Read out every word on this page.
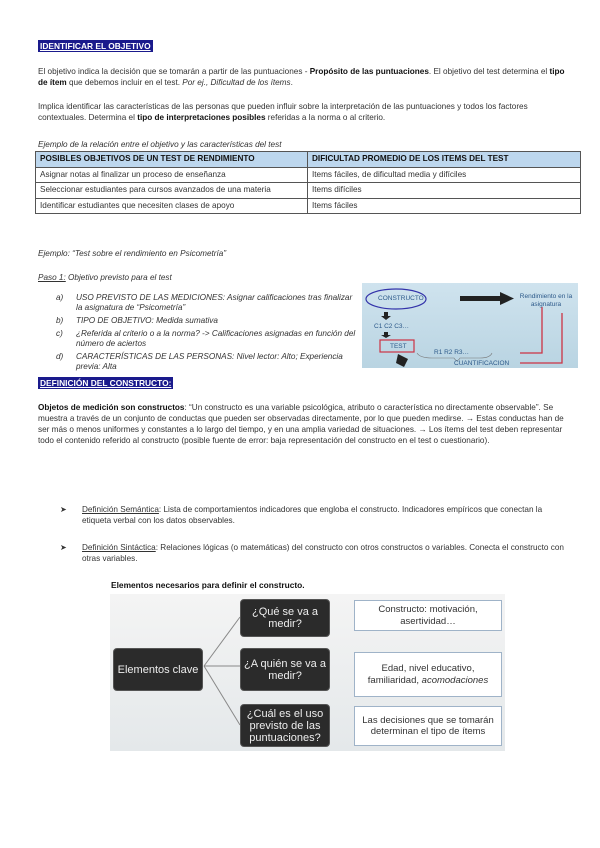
IDENTIFICAR EL OBJETIVO

El objetivo indica la decisión que se tomarán a partir de las puntuaciones - Propósito de las puntuaciones. El objetivo del test determina el tipo de ítem que debemos incluir en el test. Por ej., Dificultad de los ítems.

Implica identificar las características de las personas que pueden influir sobre la interpretación de las puntuaciones y todos los factores contextuales. Determina el tipo de interpretaciones posibles referidas a la norma o al criterio.

Ejemplo de la relación entre el objetivo y las características del test

POSIBLES OBJETIVOS DE UN TEST DE RENDIMIENTO	DIFICULTAD PROMEDIO DE LOS ITEMS DEL TEST
Asignar notas al finalizar un proceso de enseñanza	Items fáciles, de dificultad media y difíciles
Seleccionar estudiantes para cursos avanzados de una materia	Items difíciles
Identificar estudiantes que necesiten clases de apoyo	Items fáciles

Ejemplo: “Test sobre el rendimiento en Psicometría”

Paso 1: Objetivo previsto para el test

a)	USO PREVISTO DE LAS MEDICIONES: Asignar calificaciones tras finalizar la asignatura de “Psicometría”
b)	TIPO DE OBJETIVO: Medida sumativa
c)	¿Referida al criterio o a la norma? -> Calificaciones asignadas en función del número de aciertos
d)	CARACTERÍSTICAS DE LAS PERSONAS: Nivel lector: Alto; Experiencia previa: Alta
CONSTRUCTO	Rendimiento en la asignatura
C1 C2 C3…
TEST
R1 R2 R3…
CUANTIFICACION
DEFINICIÓN DEL CONSTRUCTO:

Objetos de medición son constructos: “Un constructo es una variable psicológica, atributo o característica no directamente observable”. Se muestra a través de un conjunto de conductas que pueden ser observadas directamente, por lo que pueden medirse. → Estas conductas han de ser más o menos uniformes y constantes a lo largo del tiempo, y en una amplia variedad de situaciones. → Los ítems del test deben representar todo el contenido referido al constructo (posible fuente de error: baja representación del constructo en el test o cuestionario).

➤	Definición Semántica: Lista de comportamientos indicadores que engloba el constructo. Indicadores empíricos que conectan la etiqueta verbal con los datos observables.
➤	Definición Sintáctica: Relaciones lógicas (o matemáticas) del constructo con otros constructos o variables. Conecta el constructo con otras variables.

Elementos necesarios para definir el constructo.

Elementos clave
¿Qué se va a medir?
¿A quién se va a medir?
¿Cuál es el uso previsto de las puntuaciones?
Constructo: motivación, asertividad…
Edad, nivel educativo, familiaridad, acomodaciones
Las decisiones que se tomarán determinan el tipo de ítems
